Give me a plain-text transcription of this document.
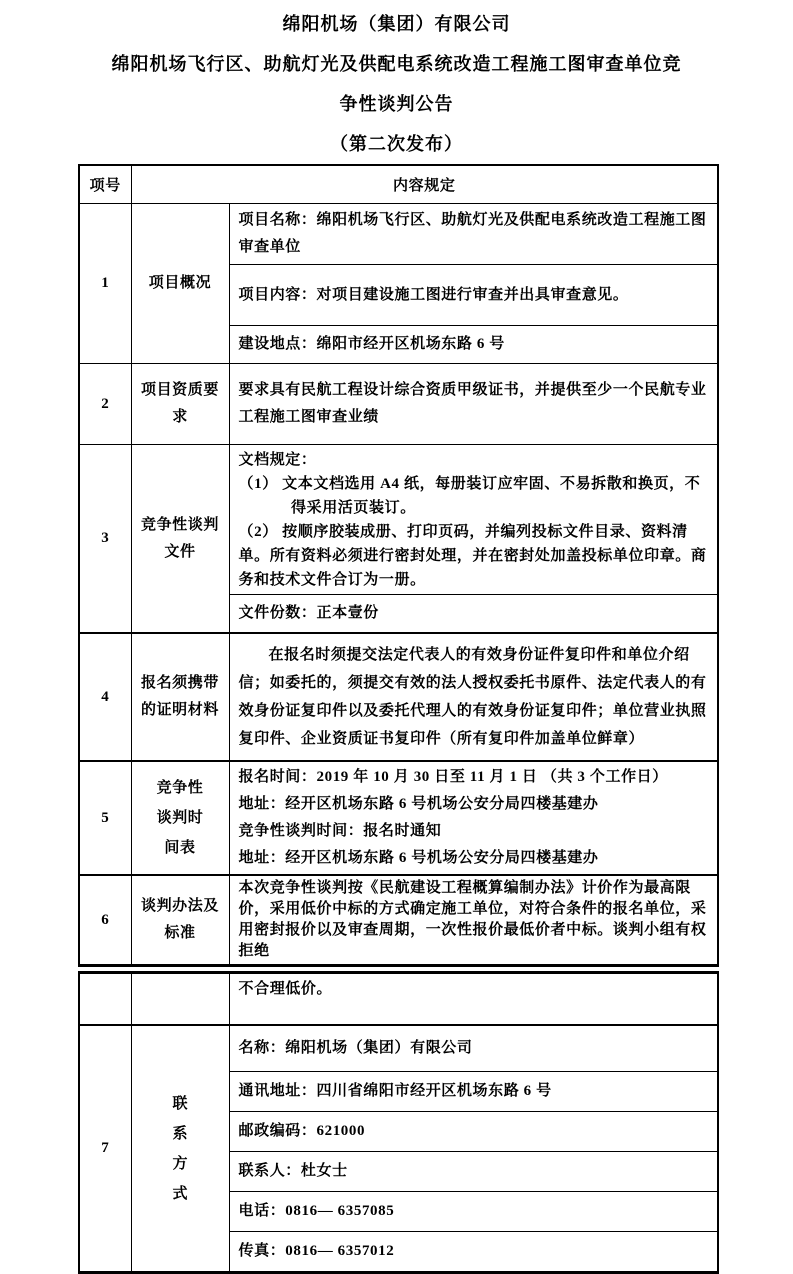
绵阳机场（集团）有限公司
绵阳机场飞行区、助航灯光及供配电系统改造工程施工图审查单位竞
争性谈判公告
（第二次发布）
项号	内容规定	
1	项目概况	项目名称：绵阳机场飞行区、助航灯光及供配电系统改造工程施工图审查单位

		项目内容：对项目建设施工图进行审查并出具审查意见。

		建设地点：绵阳市经开区机场东路 6 号

2	项目资质要求	要求具有民航工程设计综合资质甲级证书，并提供至少一个民航专业工程施工图审查业绩

3	竞争性谈判文件	文档规定：
（1） 文本文档选用 A4 纸，每册装订应牢固、不易拆散和换页，不得采用活页装订。
（2） 按顺序胶装成册、打印页码，并编列投标文件目录、资料清单。所有资料必须进行密封处理，并在密封处加盖投标单位印章。商务和技术文件合订为一册。

		文件份数：正本壹份

4	报名须携带的证明材料	在报名时须提交法定代表人的有效身份证件复印件和单位介绍信；如委托的，须提交有效的法人授权委托书原件、法定代表人的有效身份证复印件以及委托代理人的有效身份证复印件；单位营业执照复印件、企业资质证书复印件（所有复印件加盖单位鲜章）

5	竞争性谈判时间表	报名时间：2019 年 10 月 30 日至 11 月 1 日 （共 3 个工作日）
地址：经开区机场东路 6 号机场公安分局四楼基建办
竞争性谈判时间：报名时通知
地址：经开区机场东路 6 号机场公安分局四楼基建办

6	谈判办法及标准	本次竞争性谈判按《民航建设工程概算编制办法》计价作为最高限价，采用低价中标的方式确定施工单位，对符合条件的报名单位，采用密封报价以及审查周期，一次性报价最低价者中标。谈判小组有权拒绝

		不合理低价。

7	联系方式	名称：绵阳机场（集团）有限公司

		通讯地址：四川省绵阳市经开区机场东路 6 号

		邮政编码：621000

		联系人：杜女士

		电话：0816— 6357085

		传真：0816— 6357012
